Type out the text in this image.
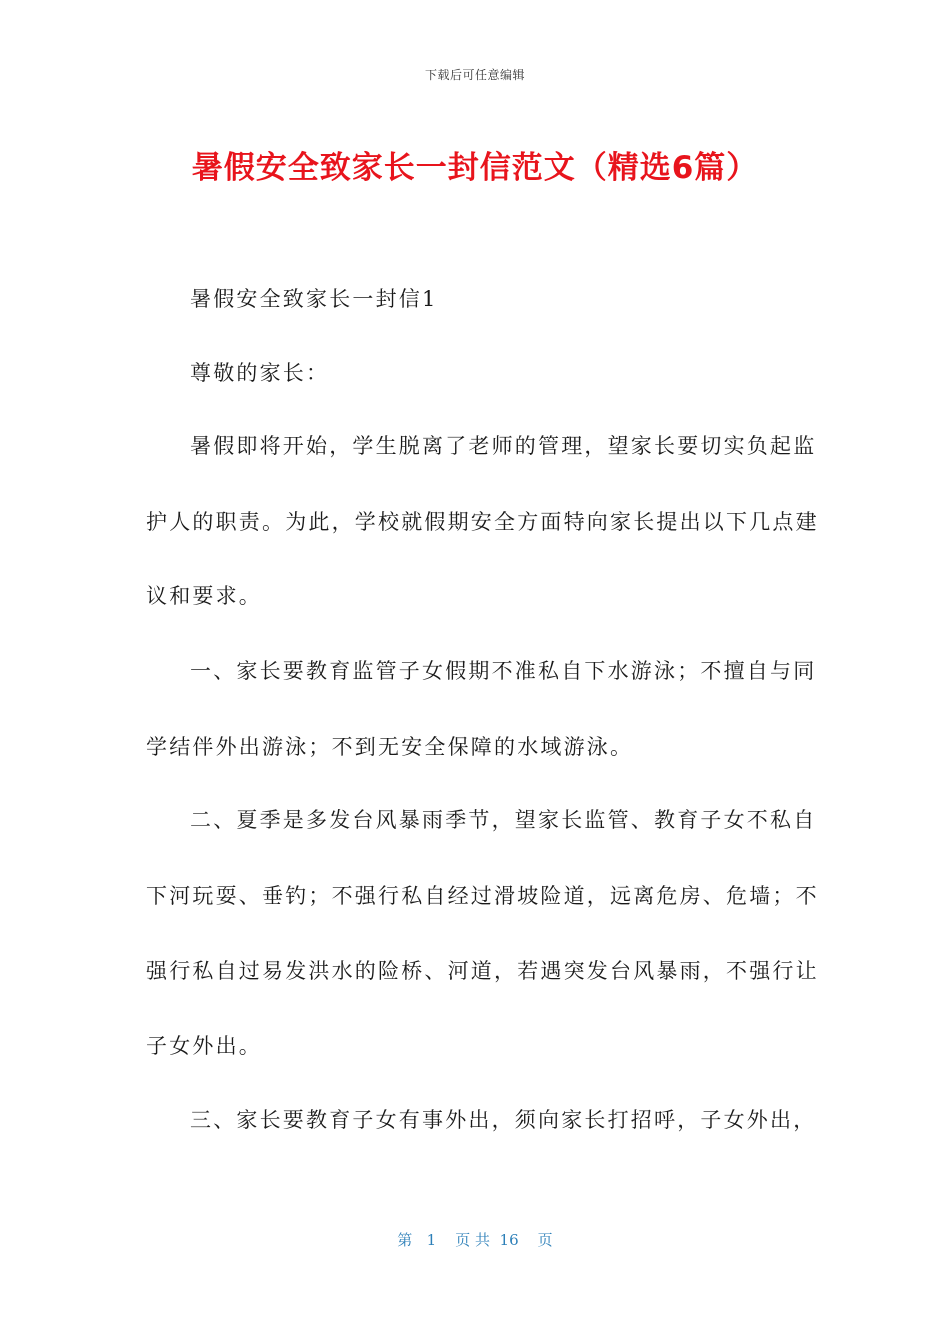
下载后可任意编辑
暑假安全致家长一封信范文（精选6篇）
暑假安全致家长一封信1
尊敬的家长：
暑假即将开始，学生脱离了老师的管理，望家长要切实负起监
护人的职责。为此，学校就假期安全方面特向家长提出以下几点建
议和要求。
一、家长要教育监管子女假期不准私自下水游泳；不擅自与同
学结伴外出游泳；不到无安全保障的水域游泳。
二、夏季是多发台风暴雨季节，望家长监管、教育子女不私自
下河玩耍、垂钓；不强行私自经过滑坡险道，远离危房、危墙；不
强行私自过易发洪水的险桥、河道，若遇突发台风暴雨，不强行让
子女外出。
三、家长要教育子女有事外出，须向家长打招呼，子女外出，
第   1    页 共  16    页
